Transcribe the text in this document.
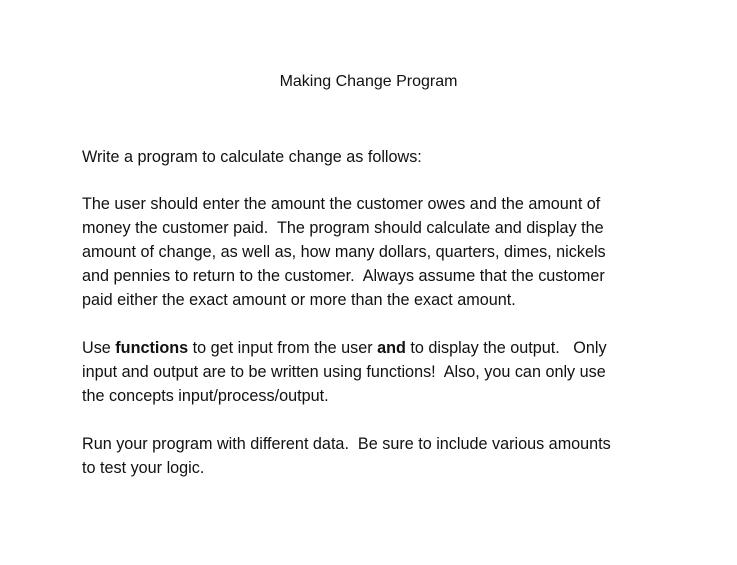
Making Change Program

Write a program to calculate change as follows:

The user should enter the amount the customer owes and the amount of
money the customer paid.  The program should calculate and display the
amount of change, as well as, how many dollars, quarters, dimes, nickels
and pennies to return to the customer.  Always assume that the customer
paid either the exact amount or more than the exact amount.

Use functions to get input from the user and to display the output.   Only
input and output are to be written using functions!  Also, you can only use
the concepts input/process/output.

Run your program with different data.  Be sure to include various amounts
to test your logic.
